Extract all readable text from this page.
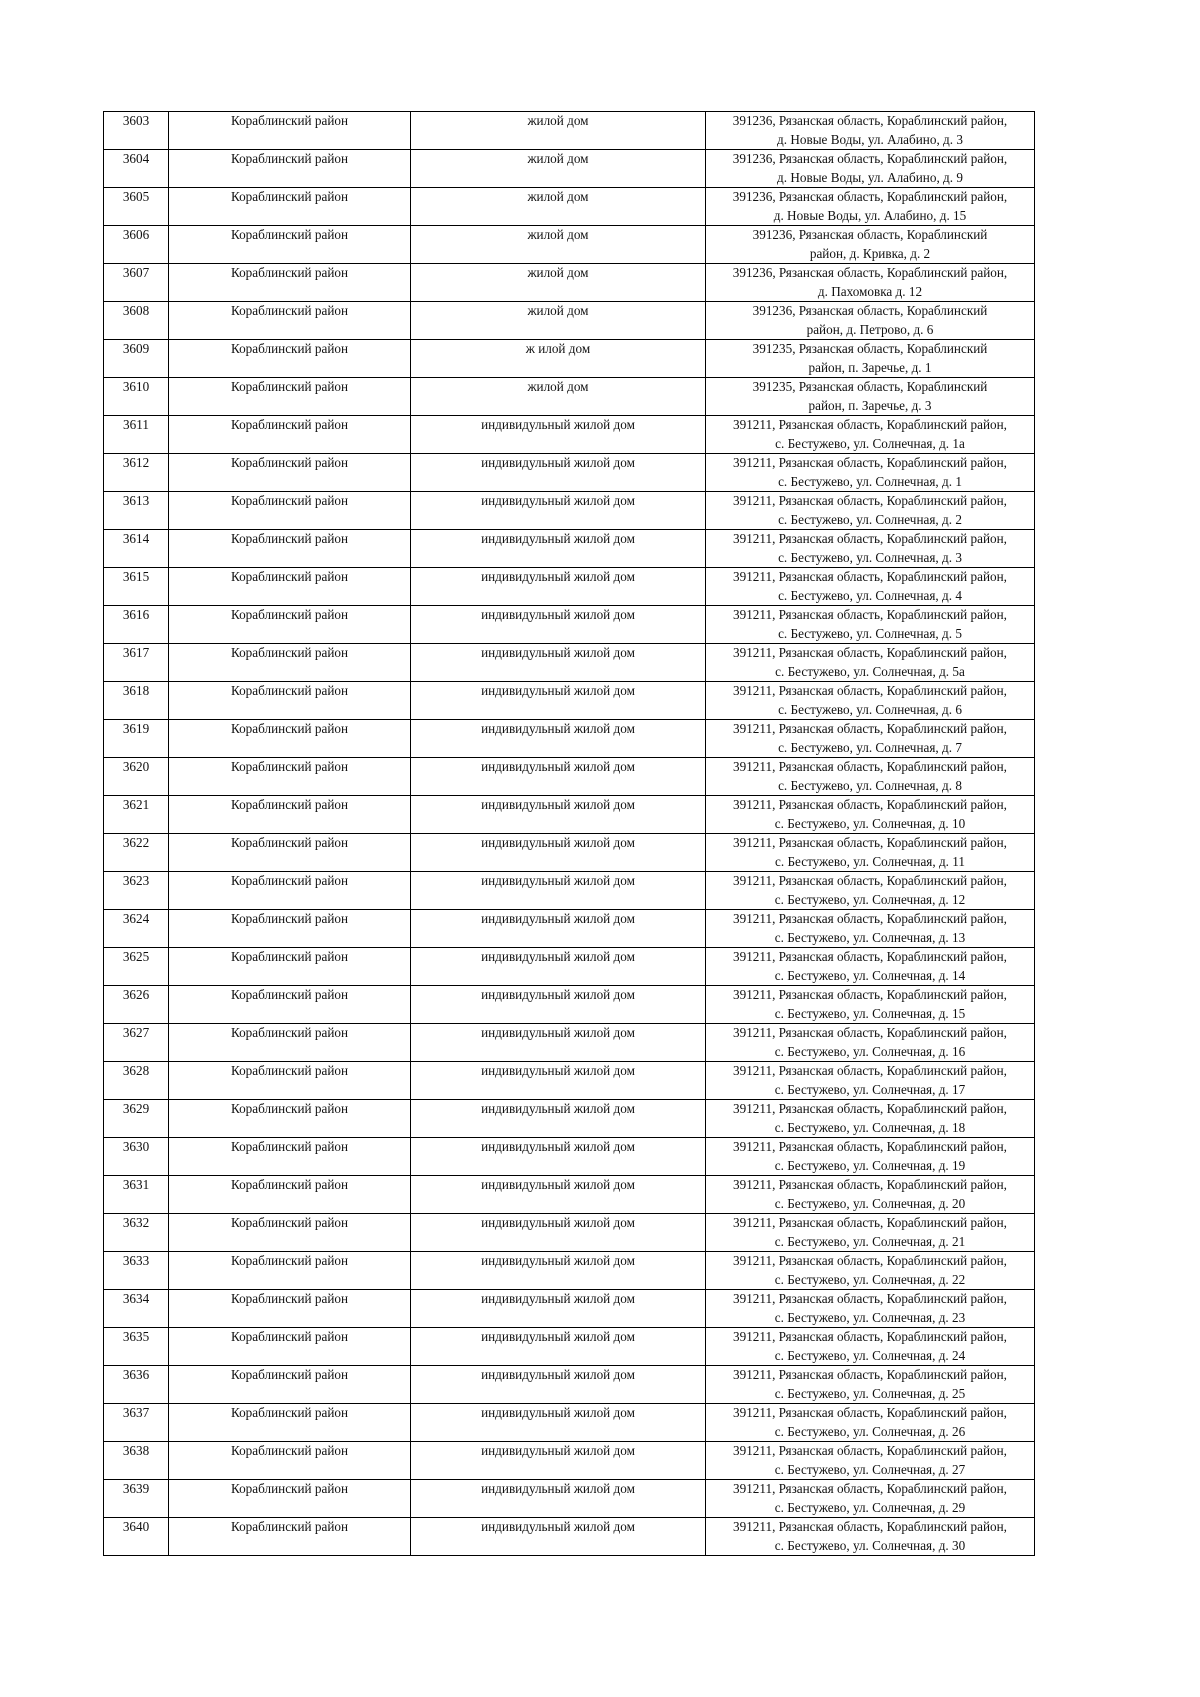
3603	Кораблинский район	жилой дом	391236, Рязанская область, Кораблинский район,
д. Новые Воды, ул. Алабино, д. 3

3604	Кораблинский район	жилой дом	391236, Рязанская область, Кораблинский район,
д. Новые Воды, ул. Алабино, д. 9

3605	Кораблинский район	жилой дом	391236, Рязанская область, Кораблинский район,
д. Новые Воды, ул. Алабино, д. 15

3606	Кораблинский район	жилой дом	391236, Рязанская область, Кораблинский
район, д. Кривка, д. 2

3607	Кораблинский район	жилой дом	391236, Рязанская область, Кораблинский район,
д. Пахомовка д. 12

3608	Кораблинский район	жилой дом	391236, Рязанская область, Кораблинский
район, д. Петрово, д. 6

3609	Кораблинский район	ж илой дом	391235, Рязанская область, Кораблинский
район, п. Заречье, д. 1

3610	Кораблинский район	жилой дом	391235, Рязанская область, Кораблинский
район, п. Заречье, д. 3

3611	Кораблинский район	индивидульный жилой дом	391211, Рязанская область, Кораблинский район,
с. Бестужево, ул. Солнечная, д. 1а

3612	Кораблинский район	индивидульный жилой дом	391211, Рязанская область, Кораблинский район,
с. Бестужево, ул. Солнечная, д. 1

3613	Кораблинский район	индивидульный жилой дом	391211, Рязанская область, Кораблинский район,
с. Бестужево, ул. Солнечная, д. 2

3614	Кораблинский район	индивидульный жилой дом	391211, Рязанская область, Кораблинский район,
с. Бестужево, ул. Солнечная, д. 3

3615	Кораблинский район	индивидульный жилой дом	391211, Рязанская область, Кораблинский район,
с. Бестужево, ул. Солнечная, д. 4

3616	Кораблинский район	индивидульный жилой дом	391211, Рязанская область, Кораблинский район,
с. Бестужево, ул. Солнечная, д. 5

3617	Кораблинский район	индивидульный жилой дом	391211, Рязанская область, Кораблинский район,
с. Бестужево, ул. Солнечная, д. 5а

3618	Кораблинский район	индивидульный жилой дом	391211, Рязанская область, Кораблинский район,
с. Бестужево, ул. Солнечная, д. 6

3619	Кораблинский район	индивидульный жилой дом	391211, Рязанская область, Кораблинский район,
с. Бестужево, ул. Солнечная, д. 7

3620	Кораблинский район	индивидульный жилой дом	391211, Рязанская область, Кораблинский район,
с. Бестужево, ул. Солнечная, д. 8

3621	Кораблинский район	индивидульный жилой дом	391211, Рязанская область, Кораблинский район,
с. Бестужево, ул. Солнечная, д. 10

3622	Кораблинский район	индивидульный жилой дом	391211, Рязанская область, Кораблинский район,
с. Бестужево, ул. Солнечная, д. 11

3623	Кораблинский район	индивидульный жилой дом	391211, Рязанская область, Кораблинский район,
с. Бестужево, ул. Солнечная, д. 12

3624	Кораблинский район	индивидульный жилой дом	391211, Рязанская область, Кораблинский район,
с. Бестужево, ул. Солнечная, д. 13

3625	Кораблинский район	индивидульный жилой дом	391211, Рязанская область, Кораблинский район,
с. Бестужево, ул. Солнечная, д. 14

3626	Кораблинский район	индивидульный жилой дом	391211, Рязанская область, Кораблинский район,
с. Бестужево, ул. Солнечная, д. 15

3627	Кораблинский район	индивидульный жилой дом	391211, Рязанская область, Кораблинский район,
с. Бестужево, ул. Солнечная, д. 16

3628	Кораблинский район	индивидульный жилой дом	391211, Рязанская область, Кораблинский район,
с. Бестужево, ул. Солнечная, д. 17

3629	Кораблинский район	индивидульный жилой дом	391211, Рязанская область, Кораблинский район,
с. Бестужево, ул. Солнечная, д. 18

3630	Кораблинский район	индивидульный жилой дом	391211, Рязанская область, Кораблинский район,
с. Бестужево, ул. Солнечная, д. 19

3631	Кораблинский район	индивидульный жилой дом	391211, Рязанская область, Кораблинский район,
с. Бестужево, ул. Солнечная, д. 20

3632	Кораблинский район	индивидульный жилой дом	391211, Рязанская область, Кораблинский район,
с. Бестужево, ул. Солнечная, д. 21

3633	Кораблинский район	индивидульный жилой дом	391211, Рязанская область, Кораблинский район,
с. Бестужево, ул. Солнечная, д. 22

3634	Кораблинский район	индивидульный жилой дом	391211, Рязанская область, Кораблинский район,
с. Бестужево, ул. Солнечная, д. 23

3635	Кораблинский район	индивидульный жилой дом	391211, Рязанская область, Кораблинский район,
с. Бестужево, ул. Солнечная, д. 24

3636	Кораблинский район	индивидульный жилой дом	391211, Рязанская область, Кораблинский район,
с. Бестужево, ул. Солнечная, д. 25

3637	Кораблинский район	индивидульный жилой дом	391211, Рязанская область, Кораблинский район,
с. Бестужево, ул. Солнечная, д. 26

3638	Кораблинский район	индивидульный жилой дом	391211, Рязанская область, Кораблинский район,
с. Бестужево, ул. Солнечная, д. 27

3639	Кораблинский район	индивидульный жилой дом	391211, Рязанская область, Кораблинский район,
с. Бестужево, ул. Солнечная, д. 29

3640	Кораблинский район	индивидульный жилой дом	391211, Рязанская область, Кораблинский район,
с. Бестужево, ул. Солнечная, д. 30
